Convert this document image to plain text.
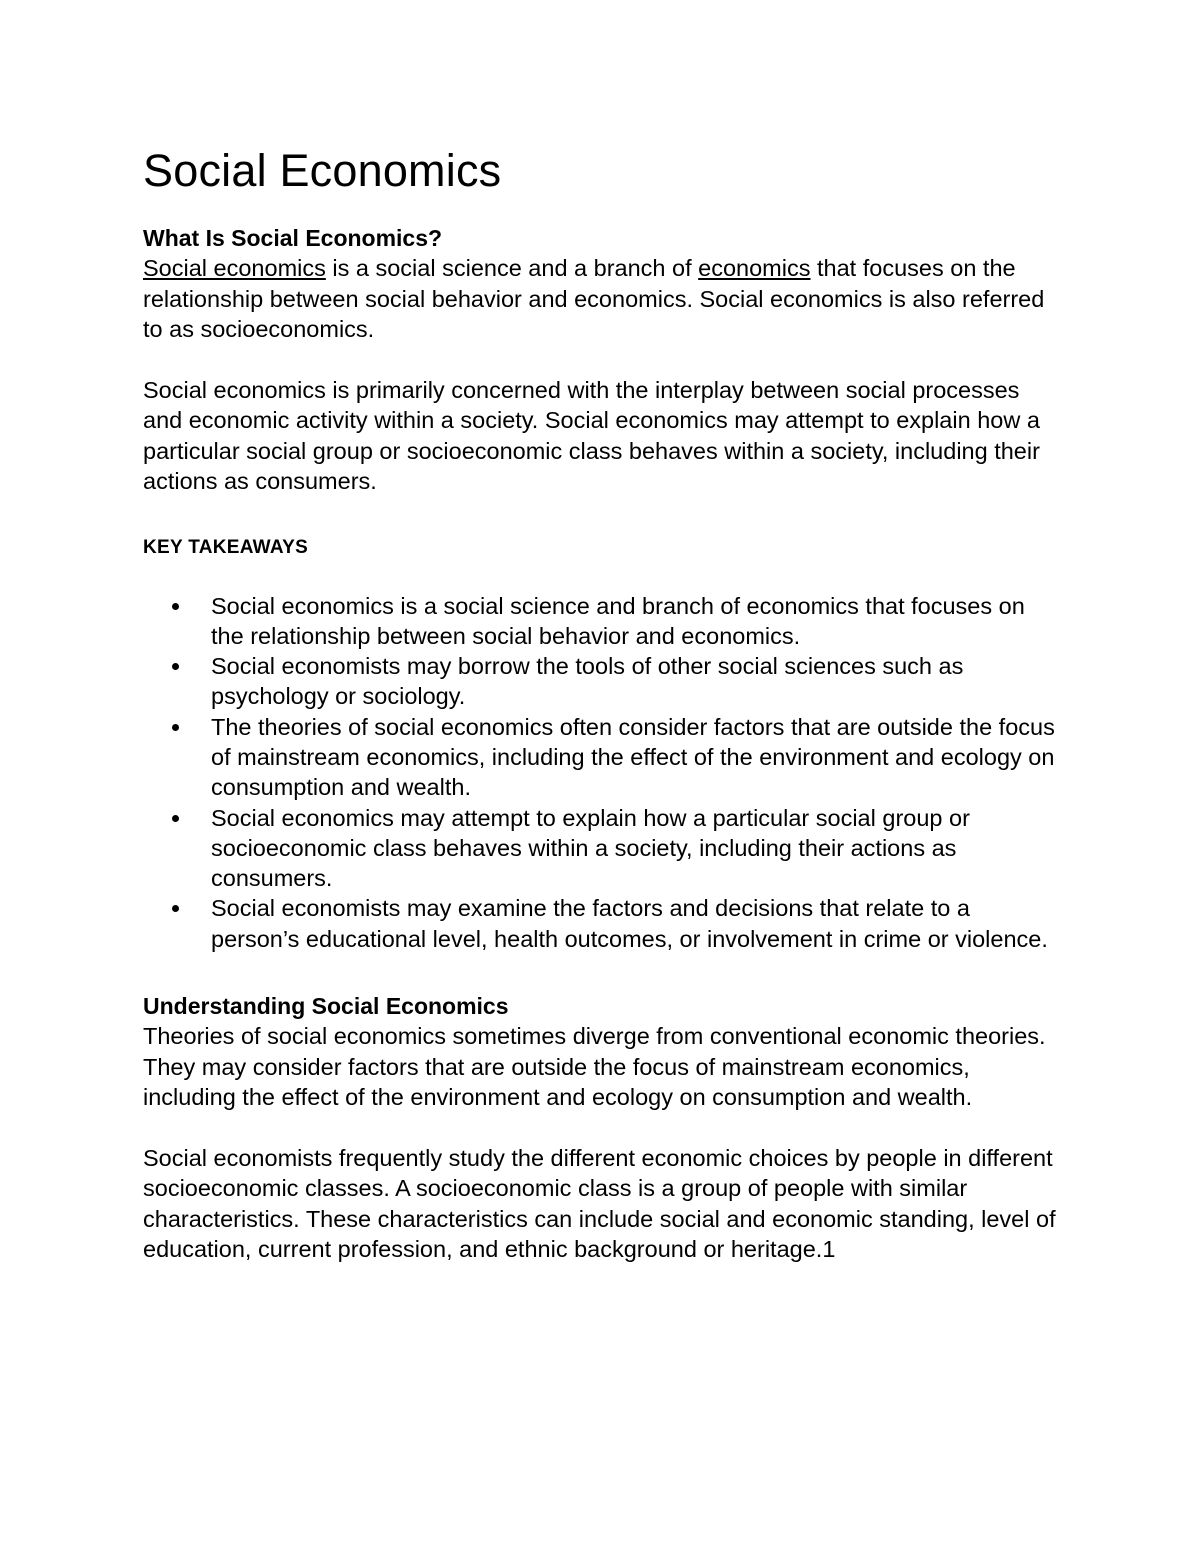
Social Economics
What Is Social Economics?

Social economics is a social science and a branch of economics that focuses on the relationship between social behavior and economics. Social economics is also referred to as socioeconomics.

Social economics is primarily concerned with the interplay between social processes and economic activity within a society. Social economics may attempt to explain how a particular social group or socioeconomic class behaves within a society, including their actions as consumers.

KEY TAKEAWAYS
Social economics is a social science and branch of economics that focuses on the relationship between social behavior and economics.
Social economists may borrow the tools of other social sciences such as psychology or sociology.
The theories of social economics often consider factors that are outside the focus of mainstream economics, including the effect of the environment and ecology on consumption and wealth.
Social economics may attempt to explain how a particular social group or socioeconomic class behaves within a society, including their actions as consumers.
Social economists may examine the factors and decisions that relate to a person’s educational level, health outcomes, or involvement in crime or violence.
Understanding Social Economics

Theories of social economics sometimes diverge from conventional economic theories. They may consider factors that are outside the focus of mainstream economics, including the effect of the environment and ecology on consumption and wealth.

Social economists frequently study the different economic choices by people in different socioeconomic classes. A socioeconomic class is a group of people with similar characteristics. These characteristics can include social and economic standing, level of education, current profession, and ethnic background or heritage.1
